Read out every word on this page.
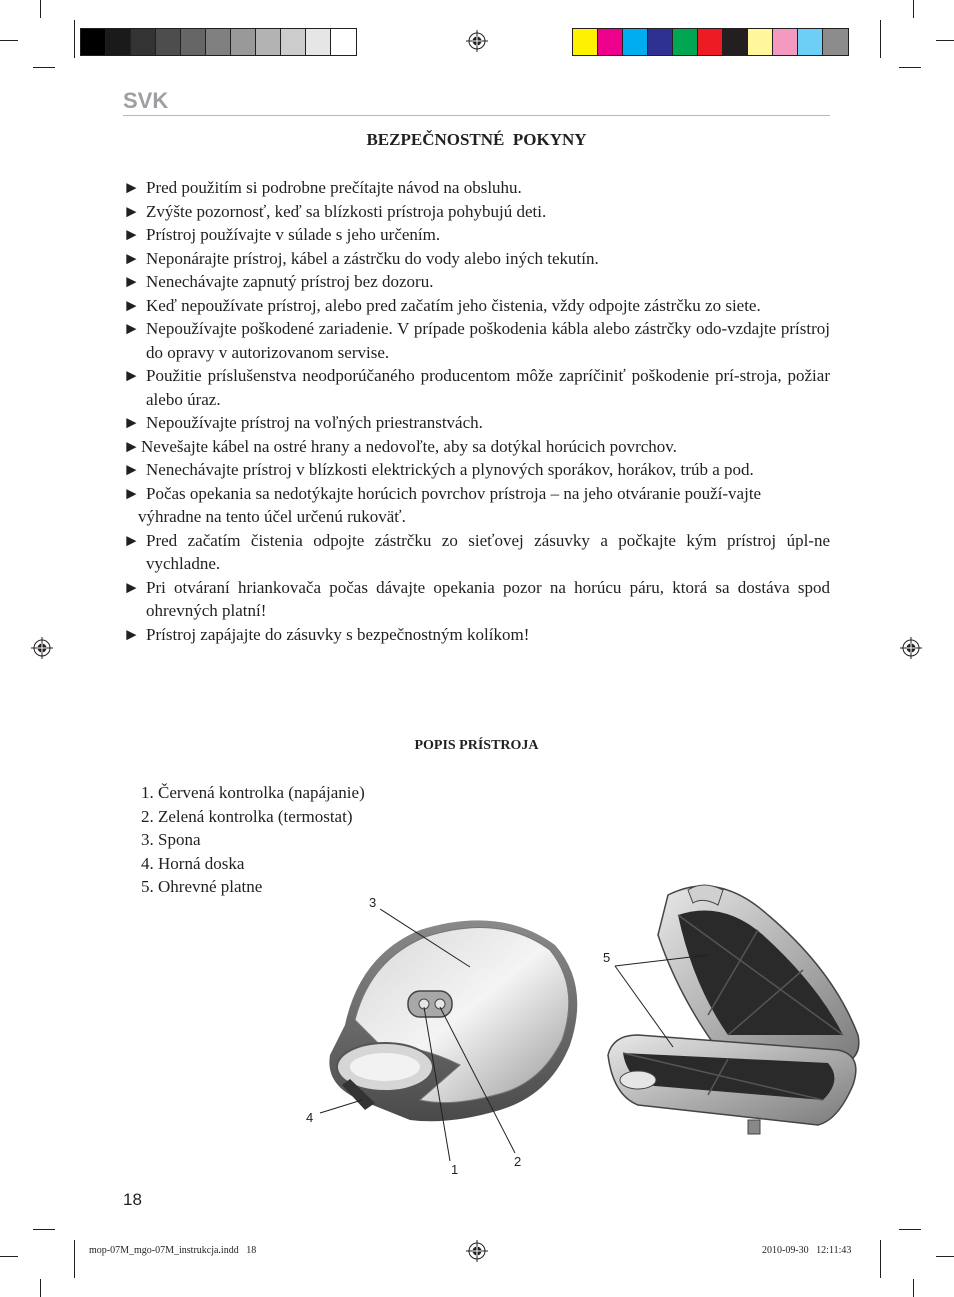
SVK
BEZPEČNOSTNÉ  POKYNY
► Pred použitím si podrobne prečítajte návod na obsluhu.
► Zvýšte pozornosť, keď sa blízkosti prístroja pohybujú deti.
► Prístroj používajte v súlade s jeho určením.
► Neponárajte prístroj, kábel a zástrčku do vody alebo iných tekutín.
► Nenechávajte zapnutý prístroj bez dozoru.
► Keď nepoužívate prístroj, alebo pred začatím jeho čistenia, vždy odpojte zástrčku zo siete.
► Nepoužívajte poškodené zariadenie. V prípade poškodenia kábla alebo zástrčky odo-vzdajte prístroj do opravy v autorizovanom servise.
► Použitie príslušenstva neodporúčaného producentom môže zapríčiniť poškodenie prí-stroja, požiar alebo úraz.
► Nepoužívajte prístroj na voľných priestranstvách.
► Nevešajte kábel na ostré hrany a nedovoľte, aby sa dotýkal horúcich povrchov.
► Nenechávajte prístroj v blízkosti elektrických a plynových sporákov, horákov, trúb a pod.
► Počas opekania sa nedotýkajte horúcich povrchov prístroja – na jeho otváranie použí-vajte
výhradne na tento účel určenú rukoväť.
► Pred začatím čistenia odpojte zástrčku zo sieťovej zásuvky a počkajte kým prístroj úpl-ne vychladne.
► Pri otváraní hriankovača počas dávajte opekania pozor na horúcu páru, ktorá sa dostáva spod ohrevných platní!
► Prístroj zapájajte do zásuvky s bezpečnostným kolíkom!
POPIS PRÍSTROJA
1. Červená kontrolka (napájanie)
2. Zelená kontrolka (termostat)
3. Spona
4. Horná doska
5. Ohrevné platne
3
5
4
1
2
18
mop-07M_mgo-07M_instrukcja.indd   18	2010-09-30   12:11:43
